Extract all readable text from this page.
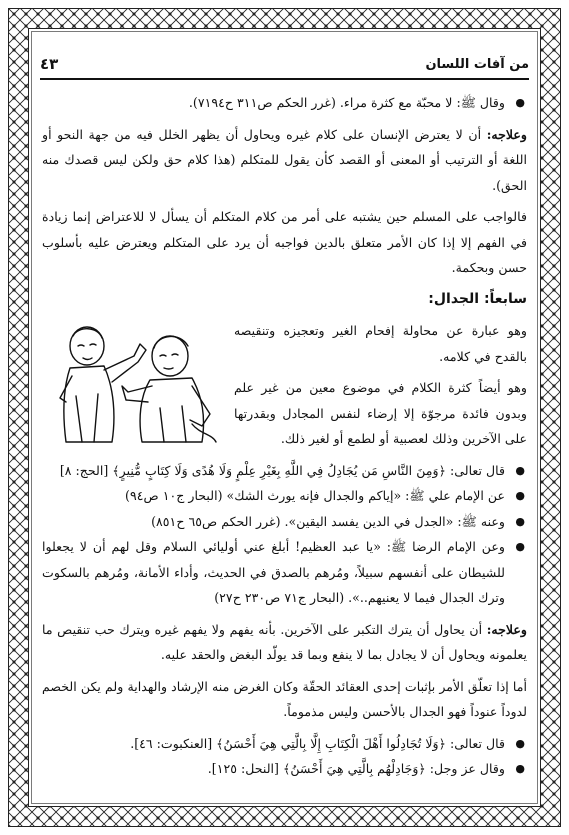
من آفات اللسان
٤٣

● وقال ﷺ: لا محبّة مع كثرة مراء. (غرر الحكم ص٣١١ ح٧١٩٤).

وعلاجه: أن لا يعترض الإنسان على كلام غيره ويحاول أن يظهر الخلل فيه من جهة النحو أو اللغة أو الترتيب أو المعنى أو القصد كأن يقول للمتكلم (هذا كلام حق ولكن ليس قصدك منه الحق).

فالواجب على المسلم حين يشتبه على أمر من كلام المتكلم أن يسأل لا للاعتراض إنما زيادة في الفهم إلا إذا كان الأمر متعلق بالدين فواجبه أن يرد على المتكلم ويعترض عليه بأسلوب حسن وبحكمة.

سابعاً: الجدال:

وهو عبارة عن محاولة إفحام الغير وتعجيزه وتنقيصه بالقدح في كلامه.

وهو أيضاً كثرة الكلام في موضوع معين من غير علم وبدون فائدة مرجوّة إلا إرضاء لنفس المجادل وبقدرتها على الآخرين وذلك لعصبية أو لطمع أو لغير ذلك.

● قال تعالى: ﴿وَمِنَ النَّاسِ مَن يُجَادِلُ فِي اللَّهِ بِغَيْرِ عِلْمٍ وَلَا هُدًى وَلَا كِتَابٍ مُّنِيرٍ﴾ [الحج: ٨]

● عن الإمام علي ﷺ: «إياكم والجدال فإنه يورث الشك» (البحار ج١٠ ص٩٤)

● وعنه ﷺ: «الجدل في الدين يفسد اليقين». (غرر الحكم ص٦٥ ح٨٥١)

● وعن الإمام الرضا ﷺ: «يا عبد العظيم! أبلغ عني أوليائي السلام وقل لهم أن لا يجعلوا للشيطان على أنفسهم سبيلاً، ومُرهم بالصدق في الحديث، وأداء الأمانة، ومُرهم بالسكوت وترك الجدال فيما لا يعنيهم..». (البحار ج٧١ ص٢٣٠ ح٢٧)

وعلاجه: أن يحاول أن يترك التكبر على الآخرين. بأنه يفهم ولا يفهم غيره ويترك حب تنقيص ما يعلمونه ويحاول أن لا يجادل بما لا ينفع وبما قد يولّد البغض والحقد عليه.

أما إذا تعلّق الأمر بإثبات إحدى العقائد الحقّة وكان الغرض منه الإرشاد والهداية ولم يكن الخصم لدوداً عنوداً فهو الجدال بالأحسن وليس مذموماً.

● قال تعالى: ﴿وَلَا تُجَادِلُوا أَهْلَ الْكِتَابِ إِلَّا بِالَّتِي هِيَ أَحْسَنُ﴾ [العنكبوت: ٤٦].

● وقال عز وجل: ﴿وَجَادِلْهُم بِالَّتِي هِيَ أَحْسَنُ﴾ [النحل: ١٢٥].
